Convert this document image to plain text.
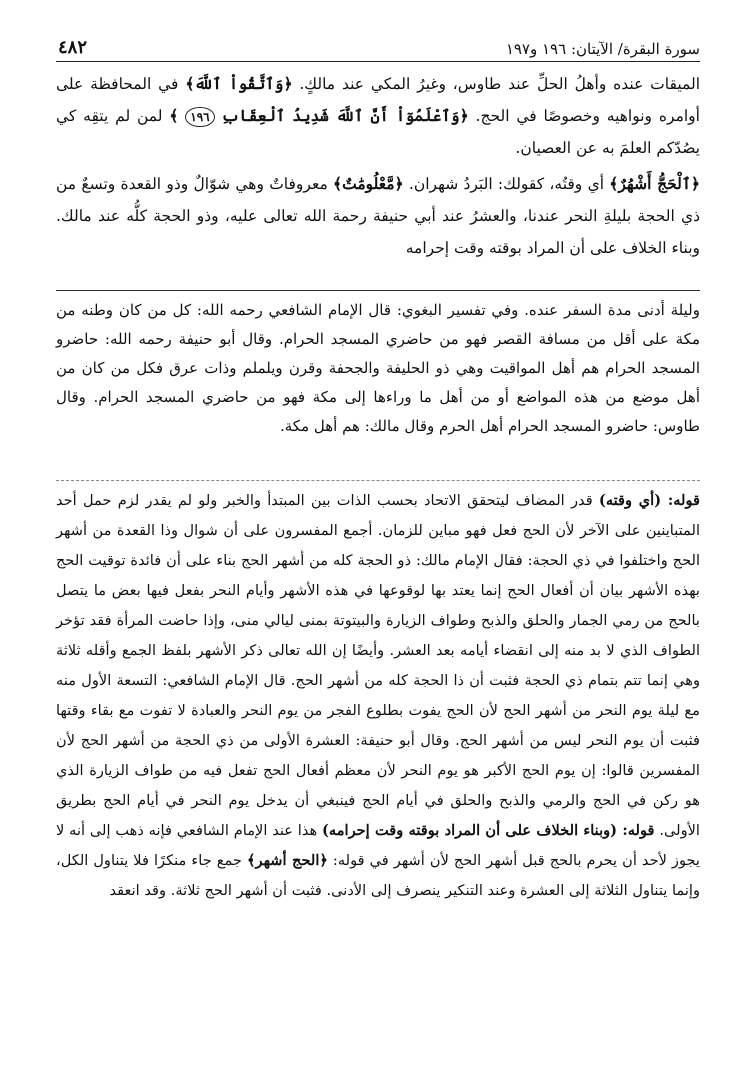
٤٨٢	سورة البقرة/ الآيتان: ١٩٦ و١٩٧

الميقات عنده وأهلُ الحلِّ عند طاوس، وغيرُ المكي عند مالكٍ. ﴿وَٱتَّقُواْ ٱللَّهَ﴾ في المحافظة على أوامره ونواهيه وخصوصًا في الحج. ﴿وَٱعْلَمُوٓاْ أَنَّ ٱللَّهَ شَدِيدُ ٱلْعِقَابِ ١٩٦ ﴾ لمن لم يتقِه كي يصُدّكم العلمَ به عن العصيان.

﴿ٱلْحَجُّ أَشْهُرٌ﴾ أي وقتُه، كقولك: البَردُ شهران. ﴿مَّعْلُومَٰتٌ﴾ معروفاتٌ وهي شوّالٌ وذو القعدة وتسعٌ من ذي الحجة بليلةِ النحر عندنا، والعشرُ عند أبي حنيفة رحمة الله تعالى عليه، وذو الحجة كلُّه عند مالك. وبناء الخلاف على أن المراد بوقته وقت إحرامه

وليلة أدنى مدة السفر عنده. وفي تفسير البغوي: قال الإمام الشافعي رحمه الله: كل من كان وطنه من مكة على أقل من مسافة القصر فهو من حاضري المسجد الحرام. وقال أبو حنيفة رحمه الله: حاضرو المسجد الحرام هم أهل المواقيت وهي ذو الحليفة والجحفة وقرن ويلملم وذات عرق فكل من كان من أهل موضع من هذه المواضع أو من أهل ما وراءها إلى مكة فهو من حاضري المسجد الحرام. وقال طاوس: حاضرو المسجد الحرام أهل الحرم وقال مالك: هم أهل مكة.

قوله: (أي وقته) قدر المضاف ليتحقق الاتحاد بحسب الذات بين المبتدأ والخبر ولو لم يقدر لزم حمل أحد المتباينين على الآخر لأن الحج فعل فهو مباين للزمان. أجمع المفسرون على أن شوال وذا القعدة من أشهر الحج واختلفوا في ذي الحجة: فقال الإمام مالك: ذو الحجة كله من أشهر الحج بناء على أن فائدة توقيت الحج بهذه الأشهر بيان أن أفعال الحج إنما يعتد بها لوقوعها في هذه الأشهر وأيام النحر بفعل فيها بعض ما يتصل بالحج من رمي الجمار والحلق والذبح وطواف الزيارة والبيتوتة بمنى ليالي منى، وإذا حاضت المرأة فقد تؤخر الطواف الذي لا بد منه إلى انقضاء أيامه بعد العشر. وأيضًا إن الله تعالى ذكر الأشهر بلفظ الجمع وأقله ثلاثة وهي إنما تتم بتمام ذي الحجة فثبت أن ذا الحجة كله من أشهر الحج. قال الإمام الشافعي: التسعة الأول منه مع ليلة يوم النحر من أشهر الحج لأن الحج يفوت بطلوع الفجر من يوم النحر والعبادة لا تفوت مع بقاء وقتها فثبت أن يوم النحر ليس من أشهر الحج. وقال أبو حنيفة: العشرة الأولى من ذي الحجة من أشهر الحج لأن المفسرين قالوا: إن يوم الحج الأكبر هو يوم النحر لأن معظم أفعال الحج تفعل فيه من طواف الزيارة الذي هو ركن في الحج والرمي والذبح والحلق في أيام الحج فينبغي أن يدخل يوم النحر في أيام الحج بطريق الأولى. قوله: (وبناء الخلاف على أن المراد بوقته وقت إحرامه) هذا عند الإمام الشافعي فإنه ذهب إلى أنه لا يجوز لأحد أن يحرم بالحج قبل أشهر الحج لأن أشهر في قوله: ﴿الحج أشهر﴾ جمع جاء منكرًا فلا يتناول الكل، وإنما يتناول الثلاثة إلى العشرة وعند التنكير ينصرف إلى الأدنى. فثبت أن أشهر الحج ثلاثة. وقد انعقد
